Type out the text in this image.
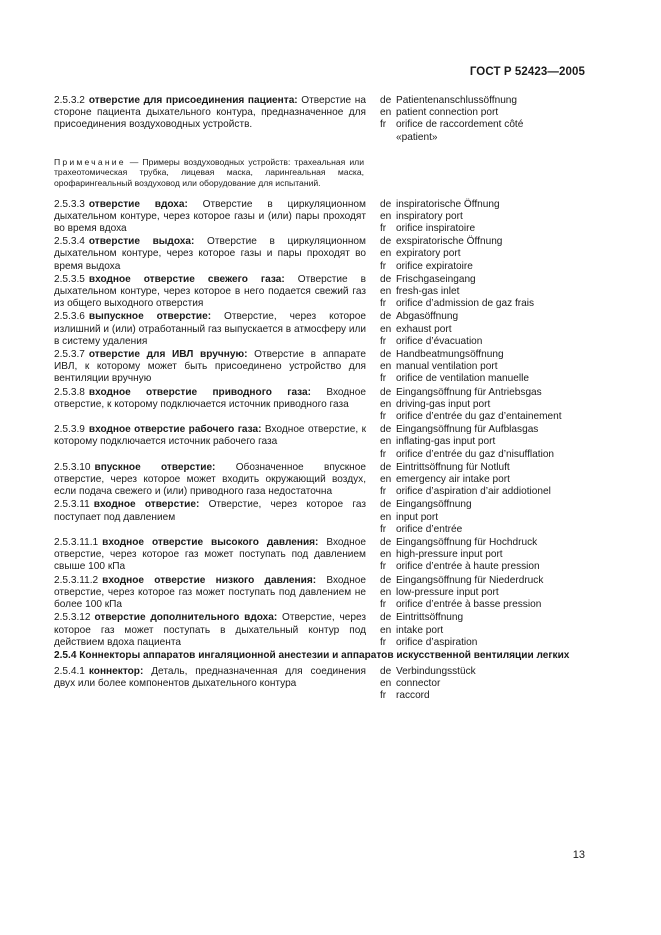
ГОСТ Р 52423—2005
2.5.3.2 отверстие для присоединения пациента: Отверстие на стороне пациента дыхательного контура, предназначенное для присоединения воздуховодных устройств.
de
en
fr
Patientenanschlussöffnung
patient connection port
orifice de raccordement côté
«patient»
Примечание — Примеры воздуховодных устройств: трахеальная или трахеотомическая трубка, лицевая маска, ларингеальная маска, орофарингеальный воздуховод или оборудование для испытаний.
2.5.3.3 отверстие вдоха: Отверстие в циркуляционном дыхательном контуре, через которое газы и (или) пары проходят во время вдоха
de
en
fr
inspiratorische Öffnung
inspiratory port
orifice inspiratoire
2.5.3.4 отверстие выдоха: Отверстие в циркуляционном дыхательном контуре, через которое газы и пары проходят во время выдоха
de
en
fr
exspiratorische Öffnung
expiratory port
orifice expiratoire
2.5.3.5 входное отверстие свежего газа: Отверстие в дыхательном контуре, через которое в него подается свежий газ из общего выходного отверстия
de
en
fr
Frischgaseingang
fresh-gas inlet
orifice d’admission de gaz frais
2.5.3.6 выпускное отверстие: Отверстие, через которое излишний и (или) отработанный газ выпускается в атмосферу или в систему удаления
de
en
fr
Abgasöffnung
exhaust port
orifice d’évacuation
2.5.3.7 отверстие для ИВЛ вручную: Отверстие в аппарате ИВЛ, к которому может быть присоединено устройство для вентиляции вручную
de
en
fr
Handbeatmungsöffnung
manual ventilation port
orifice de ventilation manuelle
2.5.3.8 входное отверстие приводного газа: Входное отверстие, к которому подключается источник приводного газа
de
en
fr
Eingangsöffnung für Antriebsgas
driving-gas input port
orifice d’entrée du gaz d’entainement
2.5.3.9 входное отверстие рабочего газа: Входное отверстие, к которому подключается источник рабочего газа
de
en
fr
Eingangsöffnung für Aufblasgas
inflating-gas input port
orifice d’entrée du gaz d’nisufflation
2.5.3.10 впускное отверстие: Обозначенное впускное отверстие, через которое может входить окружающий воздух, если подача свежего и (или) приводного газа недостаточна
de
en
fr
Eintrittsöffnung für Notluft
emergency air intake port
orifice d’aspiration d’air addiotionel
2.5.3.11 входное отверстие: Отверстие, через которое газ поступает под давлением
de
en
fr
Eingangsöffnung
input port
orifice d’entrée
2.5.3.11.1 входное отверстие высокого давления: Входное отверстие, через которое газ может поступать под давлением свыше 100 кПа
de
en
fr
Eingangsöffnung für Hochdruck
high-pressure input port
orifice d’entrée à haute pression
2.5.3.11.2 входное отверстие низкого давления: Входное отверстие, через которое газ может поступать под давлением не более 100 кПа
de
en
fr
Eingangsöffnung für Niederdruck
low-pressure input port
orifice d’entrée à basse pression
2.5.3.12 отверстие дополнительного вдоха: Отверстие, через которое газ может поступать в дыхательный контур под действием вдоха пациента
de
en
fr
Eintrittsöffnung
intake port
orifice d’aspiration
2.5.4 Коннекторы аппаратов ингаляционной анестезии и аппаратов искусственной вентиляции легких
2.5.4.1 коннектор: Деталь, предназначенная для соединения двух или более компонентов дыхательного контура
de
en
fr
Verbindungsstück
connector
raccord
13
